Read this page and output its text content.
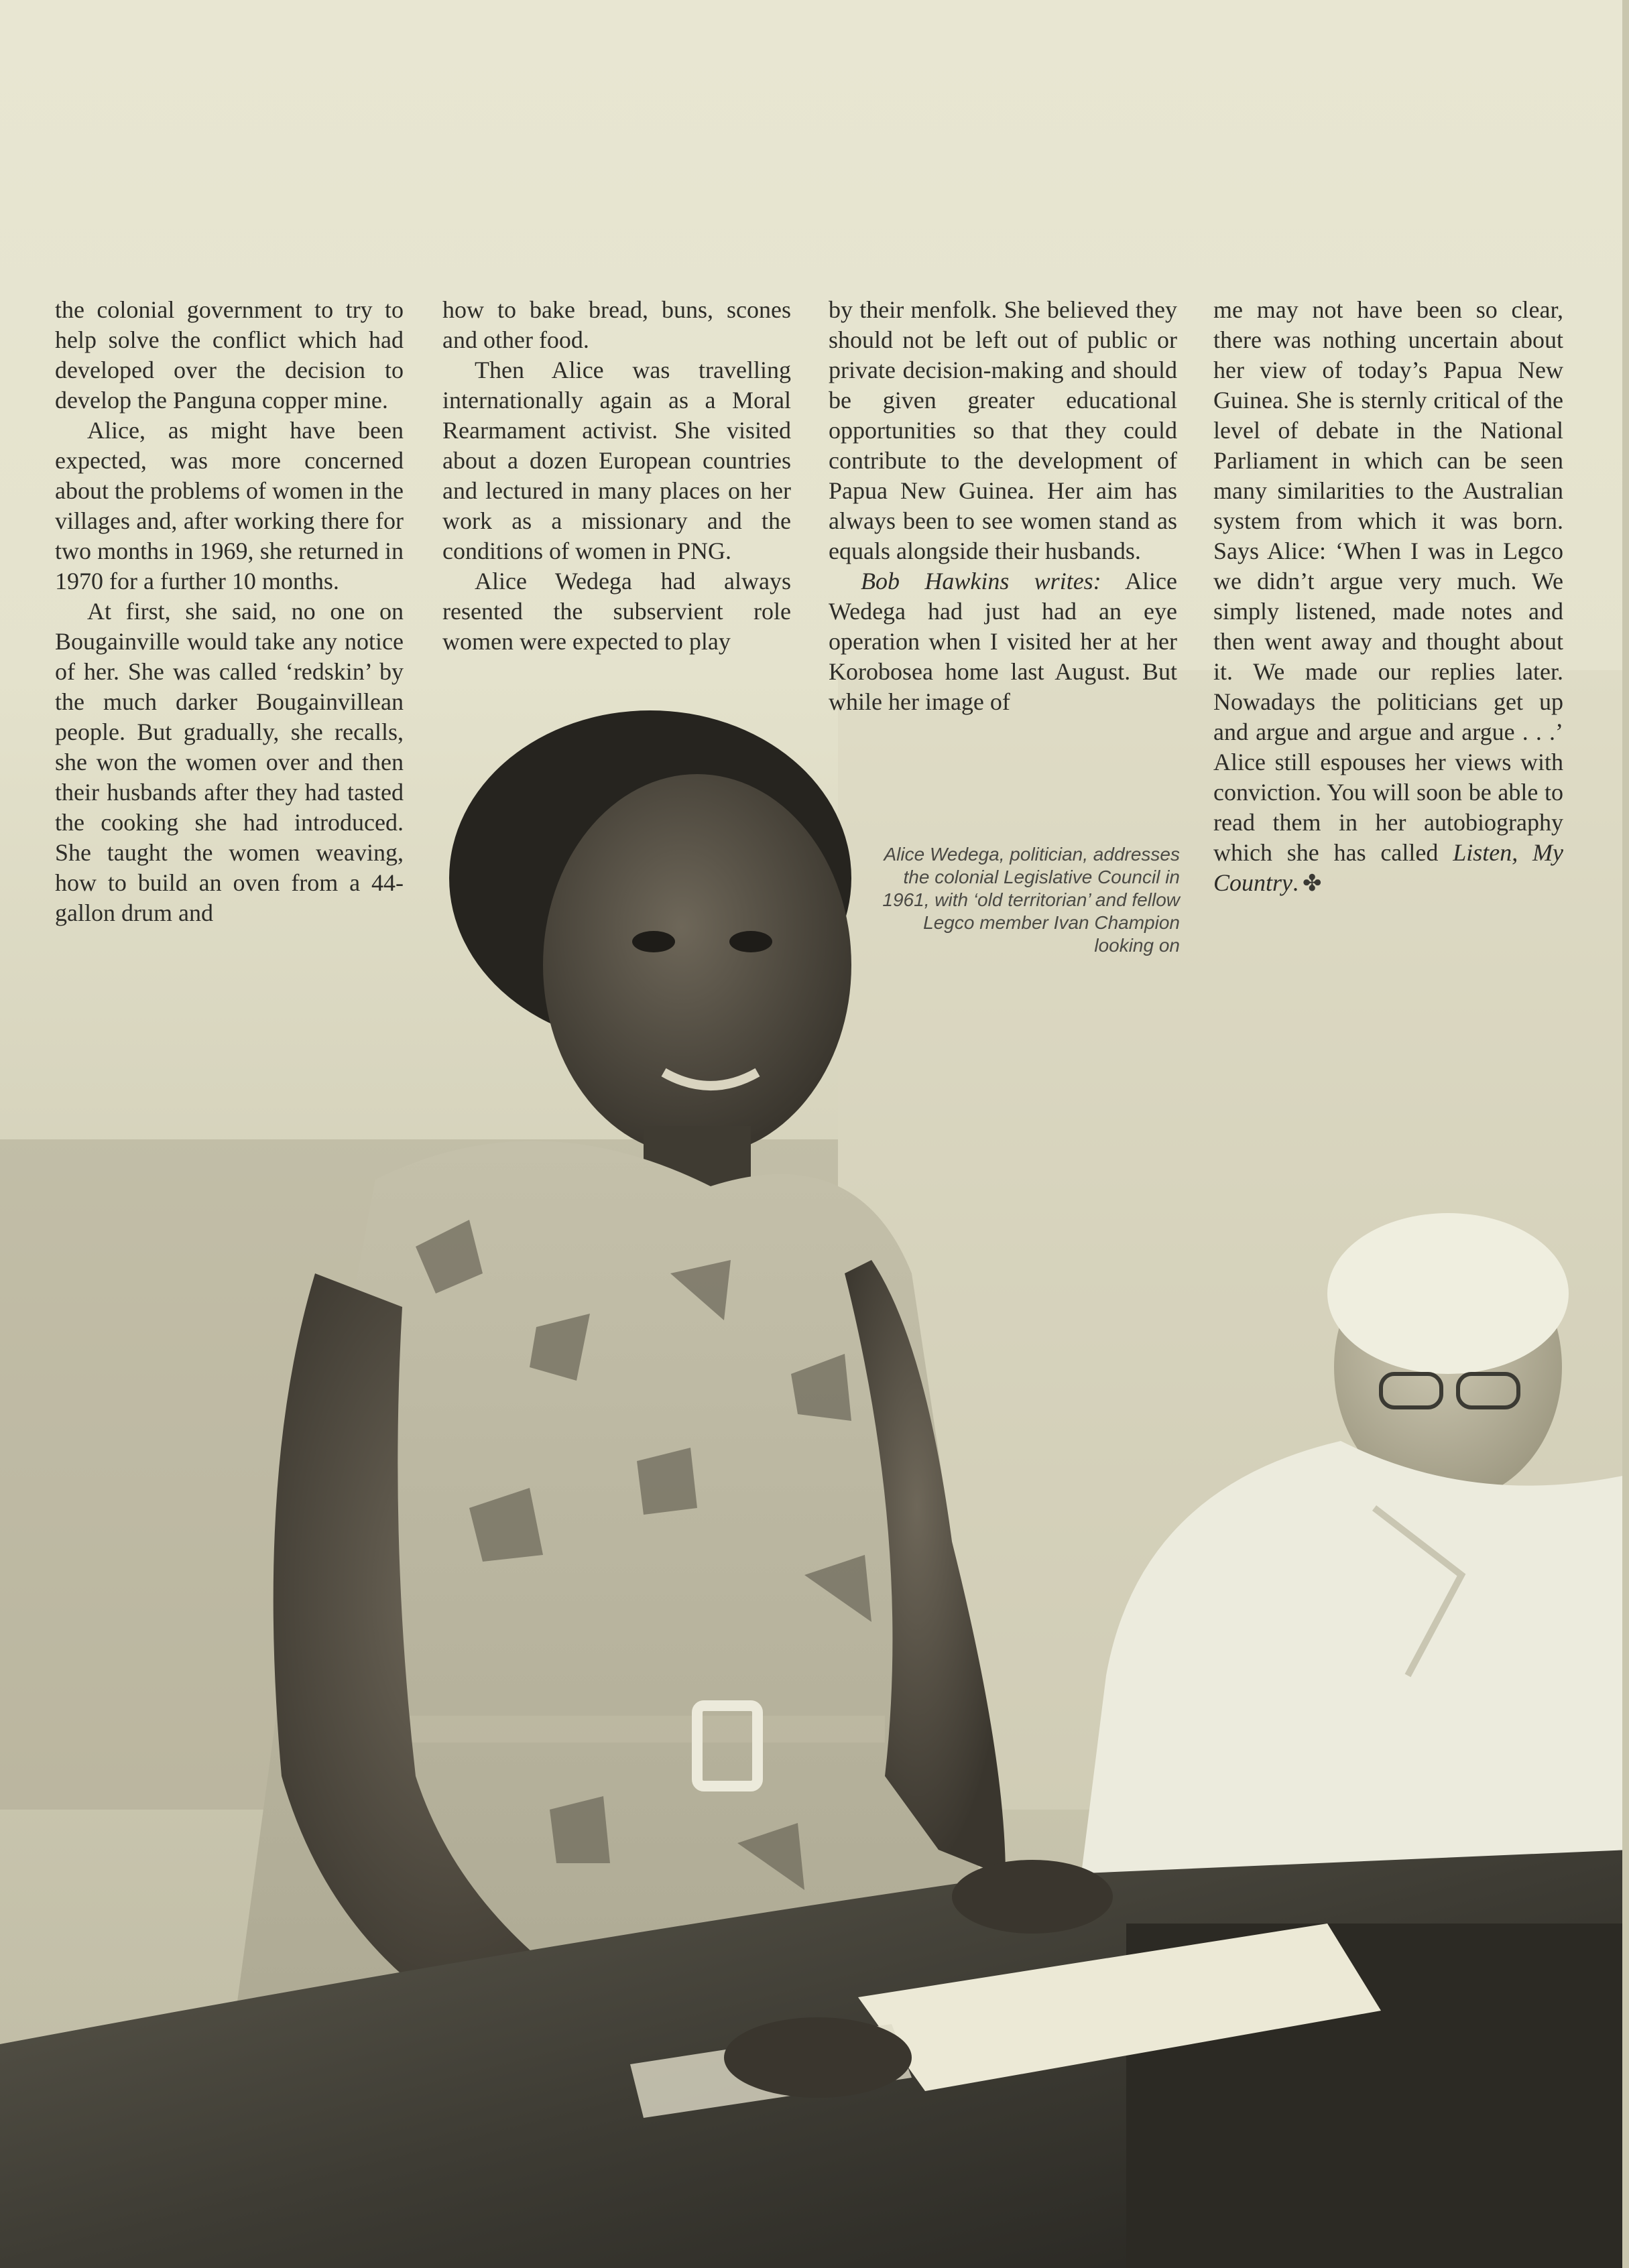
the colonial government to try to help solve the conflict which had developed over the decision to develop the Panguna copper mine.

Alice, as might have been expected, was more concerned about the problems of women in the villages and, after working there for two months in 1969, she returned in 1970 for a further 10 months.

At first, she said, no one on Bougainville would take any notice of her. She was called ‘redskin’ by the much darker Bougainvillean people. But gradually, she recalls, she won the women over and then their husbands after they had tasted the cooking she had introduced. She taught the women weaving, how to build an oven from a 44-gallon drum and

how to bake bread, buns, scones and other food.

Then Alice was travelling internationally again as a Moral Rearmament activist. She visited about a dozen European countries and lectured in many places on her work as a missionary and the conditions of women in PNG.

Alice Wedega had always resented the subservient role women were expected to play

by their menfolk. She believed they should not be left out of public or private decision-making and should be given greater educational opportunities so that they could contribute to the development of Papua New Guinea. Her aim has always been to see women stand as equals alongside their husbands.

Bob Hawkins writes: Alice Wedega had just had an eye operation when I visited her at her Korobosea home last August. But while her image of

me may not have been so clear, there was nothing uncertain about her view of today’s Papua New Guinea. She is sternly critical of the level of debate in the National Parliament in which can be seen many similarities to the Australian system from which it was born. Says Alice: ‘When I was in Legco we didn’t argue very much. We simply listened, made notes and then went away and thought about it. We made our replies later. Nowadays the politicians get up and argue and argue and argue . . .’ Alice still espouses her views with conviction. You will soon be able to read them in her autobiography which she has called Listen, My Country. ✤

Alice Wedega, politician, addresses the colonial Legislative Council in 1961, with ‘old territorian’ and fellow Legco member Ivan Champion looking on
